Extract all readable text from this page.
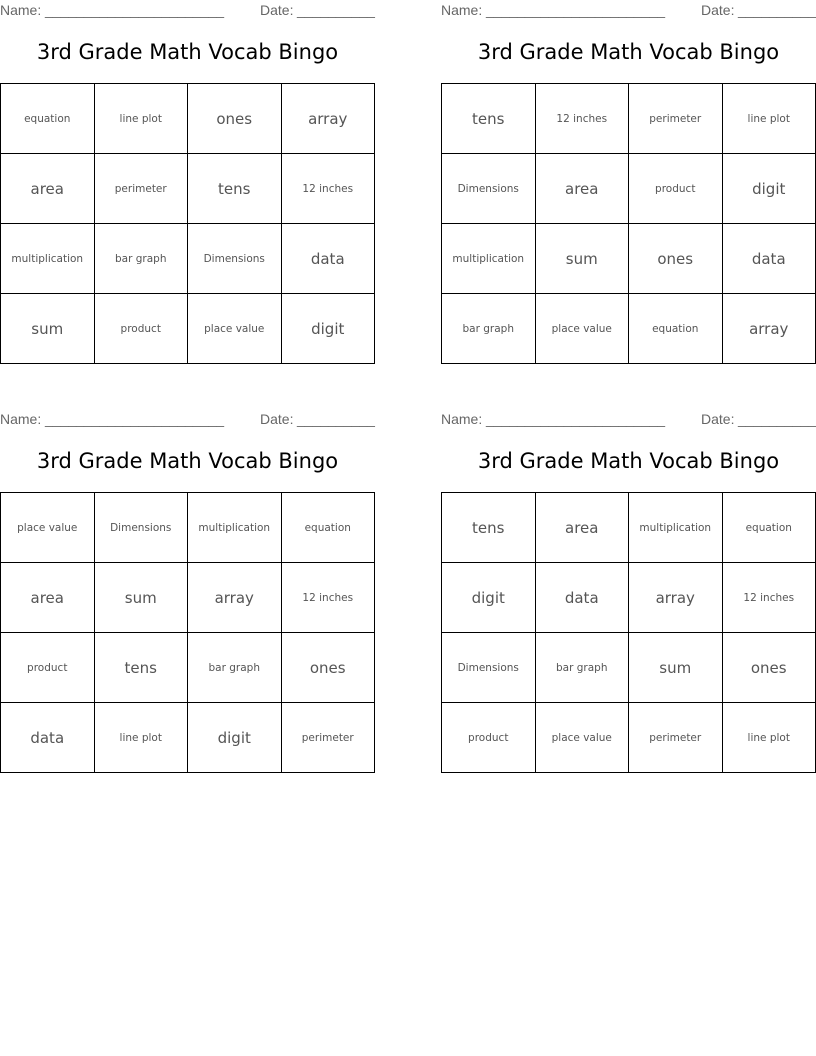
Name: _______________________	Date: __________
3rd Grade Math Vocab Bingo
equation	line plot	ones	array
area	perimeter	tens	12 inches
multiplication	bar graph	Dimensions	data
sum	product	place value	digit
Name: _______________________	Date: __________
3rd Grade Math Vocab Bingo
tens	12 inches	perimeter	line plot
Dimensions	area	product	digit
multiplication	sum	ones	data
bar graph	place value	equation	array
Name: _______________________	Date: __________
3rd Grade Math Vocab Bingo
place value	Dimensions	multiplication	equation
area	sum	array	12 inches
product	tens	bar graph	ones
data	line plot	digit	perimeter
Name: _______________________	Date: __________
3rd Grade Math Vocab Bingo
tens	area	multiplication	equation
digit	data	array	12 inches
Dimensions	bar graph	sum	ones
product	place value	perimeter	line plot
